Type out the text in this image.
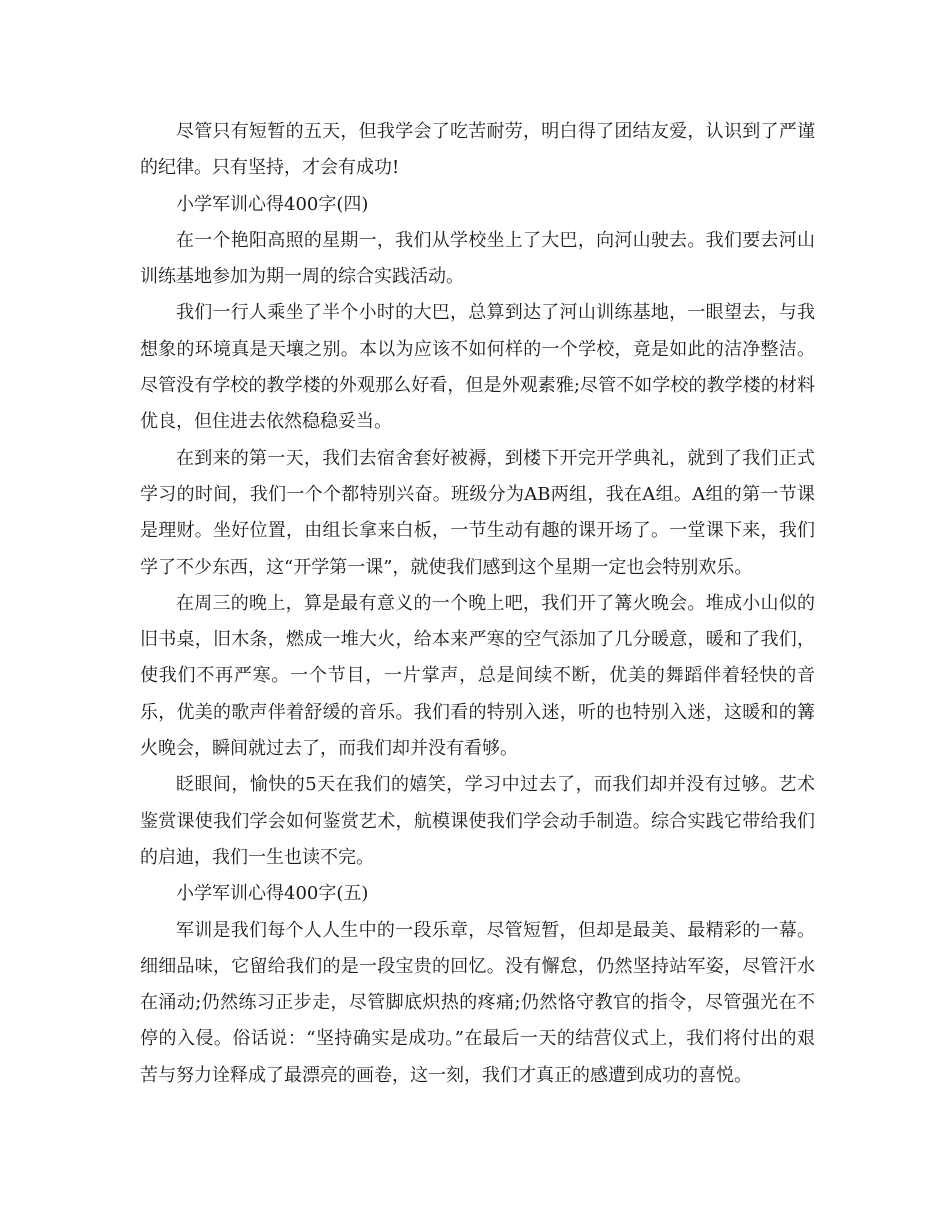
尽管只有短暂的五天，但我学会了吃苦耐劳，明白得了团结友爱，认识到了严谨的纪律。只有坚持，才会有成功!

小学军训心得400字(四)

在一个艳阳高照的星期一，我们从学校坐上了大巴，向河山驶去。我们要去河山训练基地参加为期一周的综合实践活动。

我们一行人乘坐了半个小时的大巴，总算到达了河山训练基地，一眼望去，与我想象的环境真是天壤之别。本以为应该不如何样的一个学校，竟是如此的洁净整洁。尽管没有学校的教学楼的外观那么好看，但是外观素雅;尽管不如学校的教学楼的材料优良，但住进去依然稳稳妥当。

在到来的第一天，我们去宿舍套好被褥，到楼下开完开学典礼，就到了我们正式学习的时间，我们一个个都特别兴奋。班级分为AB两组，我在A组。A组的第一节课是理财。坐好位置，由组长拿来白板，一节生动有趣的课开场了。一堂课下来，我们学了不少东西，这“开学第一课”，就使我们感到这个星期一定也会特别欢乐。

在周三的晚上，算是最有意义的一个晚上吧，我们开了篝火晚会。堆成小山似的旧书桌，旧木条，燃成一堆大火，给本来严寒的空气添加了几分暖意，暖和了我们，使我们不再严寒。一个节目，一片掌声，总是间续不断，优美的舞蹈伴着轻快的音乐，优美的歌声伴着舒缓的音乐。我们看的特别入迷，听的也特别入迷，这暖和的篝火晚会，瞬间就过去了，而我们却并没有看够。

眨眼间，愉快的5天在我们的嬉笑，学习中过去了，而我们却并没有过够。艺术鉴赏课使我们学会如何鉴赏艺术，航模课使我们学会动手制造。综合实践它带给我们的启迪，我们一生也读不完。

小学军训心得400字(五)

军训是我们每个人人生中的一段乐章，尽管短暂，但却是最美、最精彩的一幕。细细品味，它留给我们的是一段宝贵的回忆。没有懈怠，仍然坚持站军姿，尽管汗水在涌动;仍然练习正步走，尽管脚底炽热的疼痛;仍然恪守教官的指令，尽管强光在不停的入侵。俗话说：“坚持确实是成功。”在最后一天的结营仪式上，我们将付出的艰苦与努力诠释成了最漂亮的画卷，这一刻，我们才真正的感遭到成功的喜悦。
